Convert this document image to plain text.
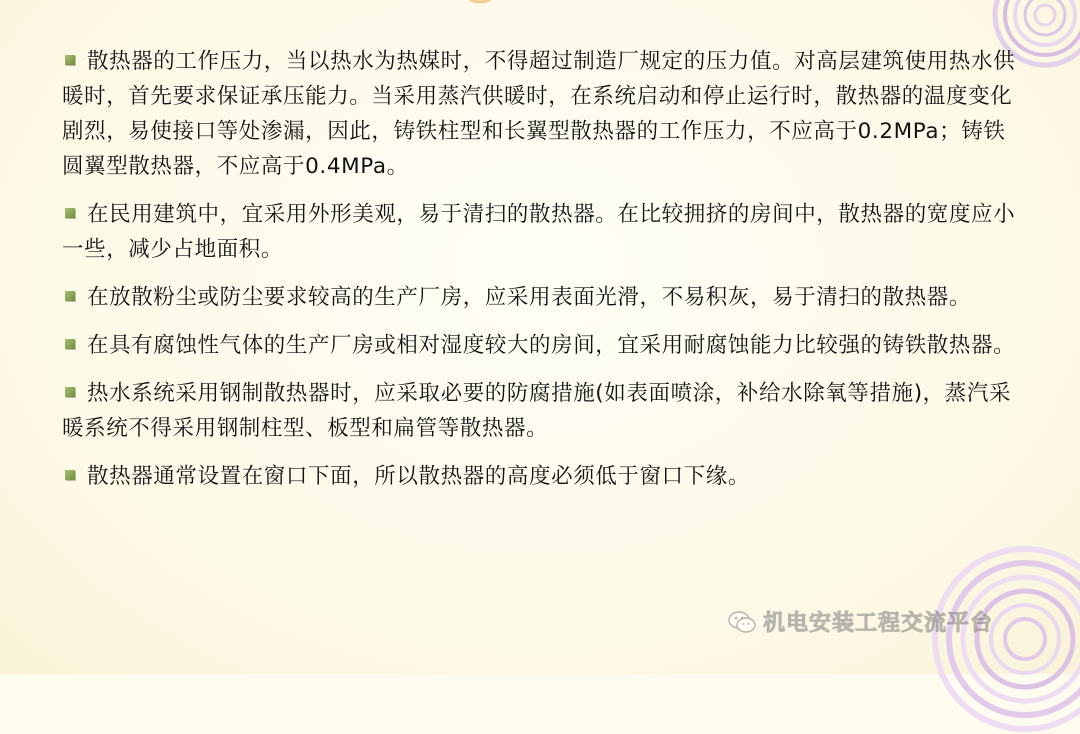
散热器的工作压力，当以热水为热媒时，不得超过制造厂规定的压力值。对高层建筑使用热水供暖时，首先要求保证承压能力。当采用蒸汽供暖时，在系统启动和停止运行时，散热器的温度变化剧烈，易使接口等处渗漏，因此，铸铁柱型和长翼型散热器的工作压力，不应高于0.2MPa；铸铁圆翼型散热器，不应高于0.4MPa。
在民用建筑中，宜采用外形美观，易于清扫的散热器。在比较拥挤的房间中，散热器的宽度应小一些，减少占地面积。
在放散粉尘或防尘要求较高的生产厂房，应采用表面光滑，不易积灰，易于清扫的散热器。
在具有腐蚀性气体的生产厂房或相对湿度较大的房间，宜采用耐腐蚀能力比较强的铸铁散热器。
热水系统采用钢制散热器时，应采取必要的防腐措施(如表面喷涂，补给水除氧等措施)，蒸汽采暖系统不得采用钢制柱型、板型和扁管等散热器。
散热器通常设置在窗口下面，所以散热器的高度必须低于窗口下缘。
机电安装工程交流平台
